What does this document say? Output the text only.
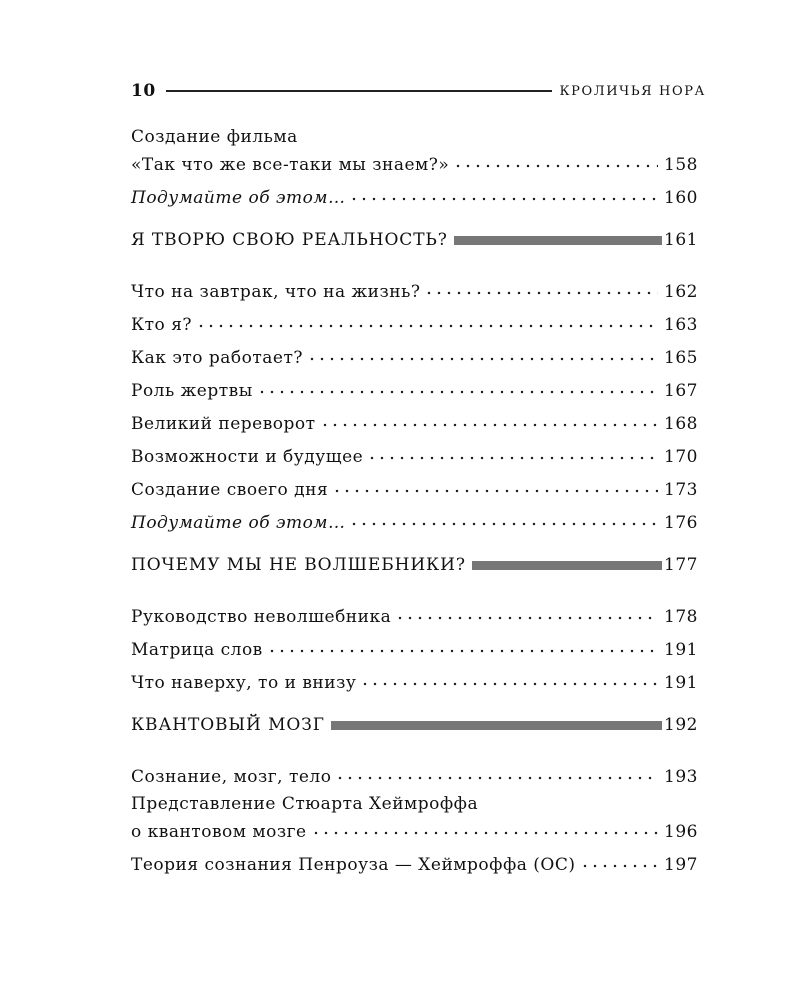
10	КРОЛИЧЬЯ НОРА
Создание фильма
«Так что же все-таки мы знаем?»	158
Подумайте об этом…	160
Я ТВОРЮ СВОЮ РЕАЛЬНОСТЬ?	161
Что на завтрак, что на жизнь?	162
Кто я?	163
Как это работает?	165
Роль жертвы	167
Великий переворот	168
Возможности и будущее	170
Создание своего дня	173
Подумайте об этом…	176
ПОЧЕМУ МЫ НЕ ВОЛШЕБНИКИ?	177
Руководство неволшебника	178
Матрица слов	191
Что наверху, то и внизу	191
КВАНТОВЫЙ МОЗГ	192
Сознание, мозг, тело	193
Представление Стюарта Хеймроффа
о квантовом мозге	196
Теория сознания Пенроуза — Хеймроффа (ОС)	197
